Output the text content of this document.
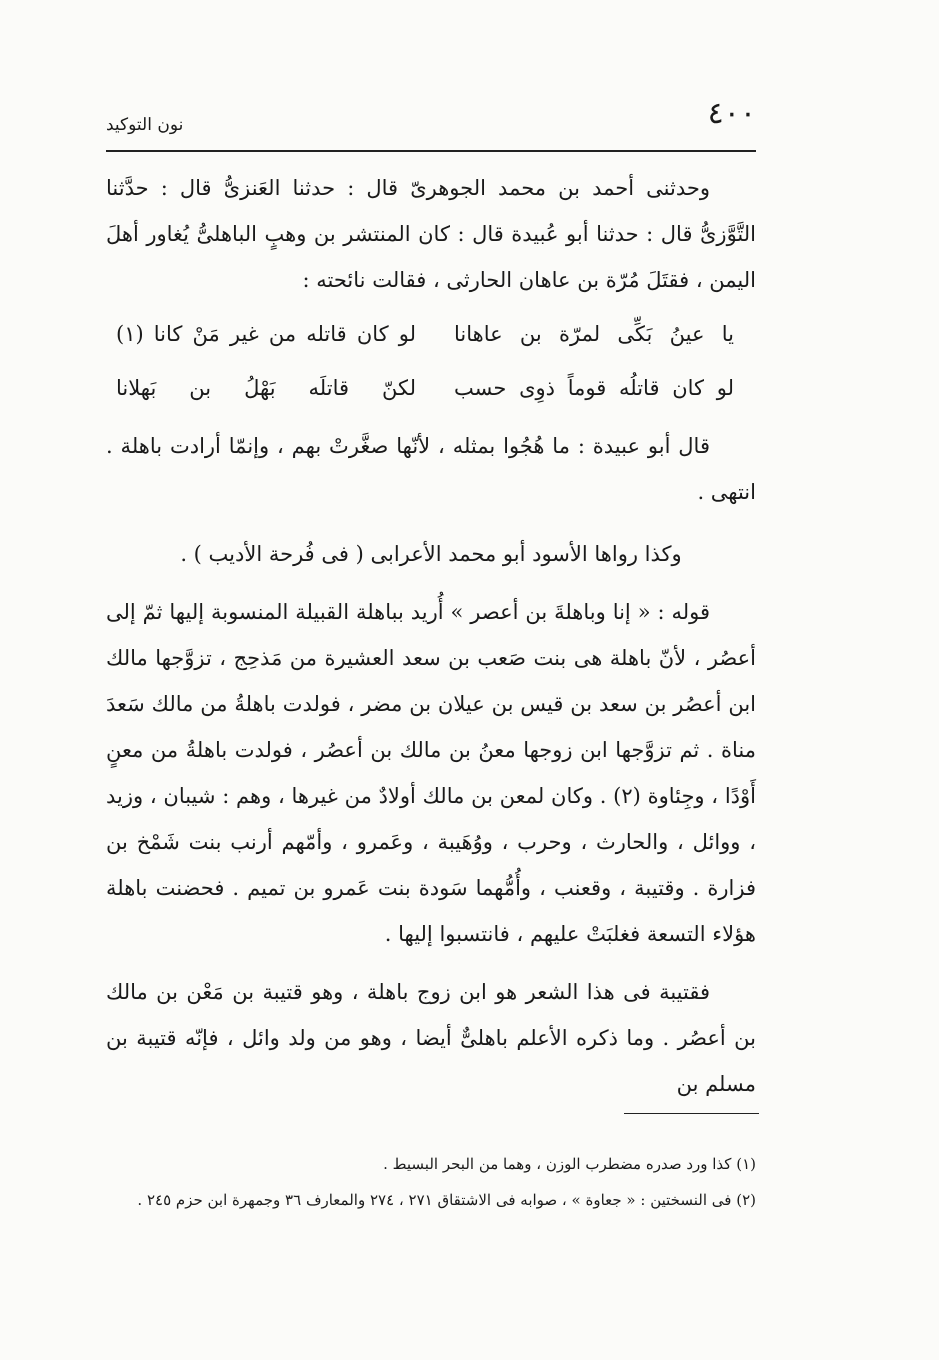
٤٠٠
نون التوكيد

وحدثنى أحمد بن محمد الجوهرىّ قال : حدثنا العَنزىُّ قال : حدَّثنا التَّوَّزىُّ قال : حدثنا أبو عُبيدة قال : كان المنتشر بن وهبٍ الباهلىُّ يُغاور أهلَ اليمن ، فقتَلَ مُرّة بن عاهان الحارثى ، فقالت نائحته :

يا عينُ بَكِّى لمرّة بن عاهانا
لو كان قاتله من غير مَنْ كانا (١)
لو كان قاتلُه قوماً ذوِى حسب
لكنّ قاتلَه بَهْلُ بن بَهلانا

قال أبو عبيدة : ما هُجُوا بمثله ، لأنّها صغَّرتْ بهم ، وإنمّا أرادت باهلة . انتهى .

وكذا رواها الأسود أبو محمد الأعرابى ( فى فُرحة الأديب ) .

قوله : « إنا وباهلةَ بن أعصر » أُريد بباهلة القبيلة المنسوبة إليها ثمّ إلى أعصُر ، لأنّ باهلة هى بنت صَعب بن سعد العشيرة من مَذحِج ، تزوَّجها مالك ابن أعصُر بن سعد بن قيس بن عيلان بن مضر ، فولدت باهلةُ من مالك سَعدَ مناة . ثم تزوَّجها ابن زوجها معنُ بن مالك بن أعصُر ، فولدت باهلةُ من معنٍ أَوْدًا ، وجِئاوة (٢) . وكان لمعن بن مالك أولادٌ من غيرها ، وهم : شيبان ، وزيد ، ووائل ، والحارث ، وحرب ، ووُهَيبة ، وعَمرو ، وأمّهم أرنب بنت شَمْخ بن فزارة . وقتيبة ، وقعنب ، وأُمُّهما سَودة بنت عَمرو بن تميم . فحضنت باهلة هؤلاء التسعة فغلبَتْ عليهم ، فانتسبوا إليها .

فقتيبة فى هذا الشعر هو ابن زوج باهلة ، وهو قتيبة بن مَعْن بن مالك بن أعصُر . وما ذكره الأعلم باهلىٌّ أيضا ، وهو من ولد وائل ، فإنّه قتيبة بن مسلم بن

(١) كذا ورد صدره مضطرب الوزن ، وهما من البحر البسيط .

(٢) فى النسختين : « جعاوة » ، صوابه فى الاشتقاق ٢٧١ ، ٢٧٤ والمعارف ٣٦ وجمهرة ابن حزم ٢٤٥ .
